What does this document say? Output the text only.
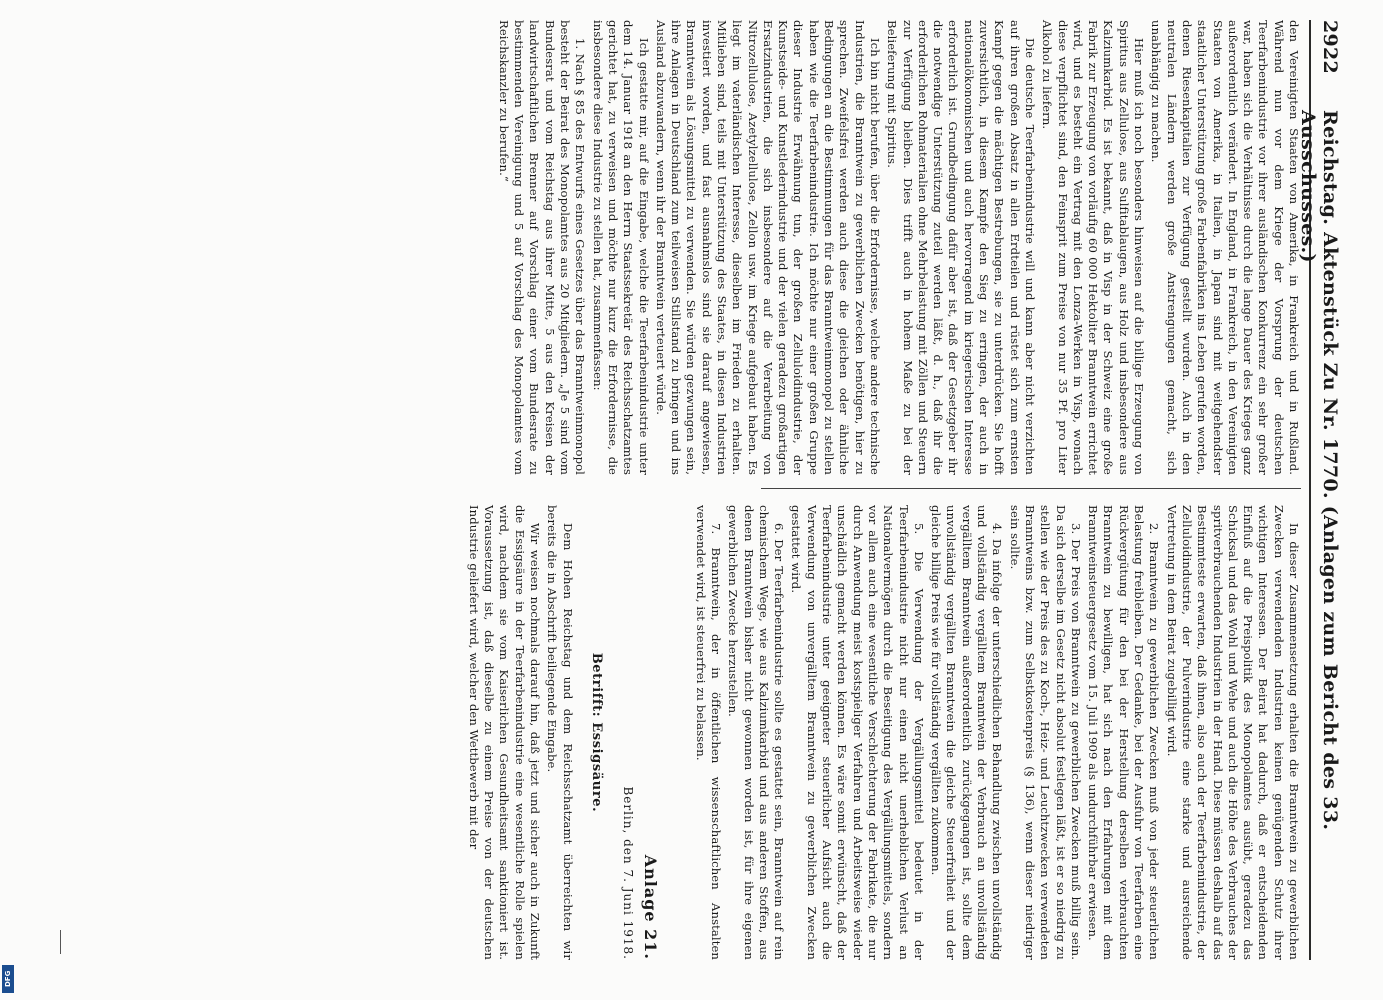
DFG
2922
Reichstag. Aktenstück Zu Nr. 1770. (Anlagen zum Bericht des 33. Ausschusses.)

den Vereinigten Staaten von Amerika, in Frankreich und in Rußland. Während nun vor dem Kriege der Vorsprung der deutschen Teerfarbenindustrie vor ihrer ausländischen Konkurrenz ein sehr großer war, haben sich die Verhältnisse durch die lange Dauer des Krieges ganz außerordentlich verändert. In England, in Frankreich, in den Vereinigten Staaten von Amerika, in Italien, in Japan sind mit weitgehendster staatlicher Unterstützung große Farbenfabriken ins Leben gerufen worden, denen Riesenkapitalien zur Verfügung gestellt wurden. Auch in den neutralen Ländern werden große Anstrengungen gemacht, sich unabhängig zu machen.

Hier muß ich noch besonders hinweisen auf die billige Erzeugung von Spiritus aus Zellulose, aus Sulfitablaugen, aus Holz und insbesondere aus Kalziumkarbid. Es ist bekannt, daß in Visp in der Schweiz eine große Fabrik zur Erzeugung von vorläufig 60 000 Hektoliter Branntwein errichtet wird, und es besteht ein Vertrag mit den Lonza-Werken in Visp, wonach diese verpflichtet sind, den Feinsprit zum Preise von nur 35 Pf. pro Liter Alkohol zu liefern.

Die deutsche Teerfarbenindustrie will und kann aber nicht verzichten auf ihren großen Absatz in allen Erdteilen und rüstet sich zum ernsten Kampf gegen die mächtigen Bestrebungen, sie zu unterdrücken. Sie hofft zuversichtlich, in diesem Kampfe den Sieg zu erringen, der auch in nationalökonomischen und auch hervorragend im kriegerischen Interesse erforderlich ist. Grundbedingung dafür aber ist, daß der Gesetzgeber ihr die notwendige Unterstützung zuteil werden läßt, d. h., daß ihr die erforderlichen Rohmaterialien ohne Mehrbelastung mit Zöllen und Steuern zur Verfügung bleiben. Dies trifft auch in hohem Maße zu bei der Belieferung mit Spiritus.

Ich bin nicht berufen, über die Erfordernisse, welche andere technische Industrien, die Branntwein zu gewerblichen Zwecken benötigen, hier zu sprechen. Zweifelsfrei werden auch diese die gleichen oder ähnliche Bedingungen an die Bestimmungen für das Branntweinmonopol zu stellen haben wie die Teerfarbenindustrie. Ich möchte nur einer großen Gruppe dieser Industrie Erwähnung tun, der großen Zelluloidindustrie, der Kunstseide- und Kunstlederindustrie und der vielen geradezu großartigen Ersatzindustrien, die sich insbesondere auf die Verarbeitung von Nitrozellulose, Azetylzellulose, Zellon usw. im Kriege aufgebaut haben. Es liegt im vaterländischen Interesse, dieselben im Frieden zu erhalten. Mitlieben sind, teils mit Unterstützung des Staates, in diesen Industrien investiert worden, und fast ausnahmslos sind sie darauf angewiesen, Branntwein als Lösungsmittel zu verwenden. Sie würden gezwungen sein, ihre Anlagen in Deutschland zum teilweisen Stillstand zu bringen und ins Ausland abzuwandern, wenn ihr der Branntwein verteuert würde.

Ich gestatte mir, auf die Eingabe, welche die Teerfarbenindustrie unter dem 14. Januar 1918 an den Herrn Staatssekretär des Reichsschatzamtes gerichtet hat, zu verweisen und möchte nur kurz die Erfordernisse, die insbesondere diese Industrie zu stellen hat, zusammenfassen:

1. Nach § 85 des Entwurfs eines Gesetzes über das Branntweinmonopol besteht der Beirat des Monopolamtes aus 20 Mitgliedern. „Je 5 sind vom Bundesrat und vom Reichstag aus ihrer Mitte, 5 aus den Kreisen der landwirtschaftlichen Brenner auf Vorschlag einer vom Bundesrate zu bestimmenden Vereinigung und 5 auf Vorschlag des Monopolamtes vom Reichskanzler zu berufen.“

In dieser Zusammensetzung erhalten die Branntwein zu gewerblichen Zwecken verwendenden Industrien keinen genügenden Schutz ihrer wichtigen Interessen. Der Beirat hat dadurch, daß er entscheidenden Einfluß auf die Preispolitik des Monopolamtes ausübt, geradezu das Schicksal und das Wohl und Wehe und auch die Höhe des Verbrauches der spritverbrauchenden Industrien in der Hand. Diese müssen deshalb auf das Bestimmteste erwarten, daß ihnen, also auch der Teerfarbenindustrie, der Zelluloidindustrie, der Pulverindustrie eine starke und ausreichende Vertretung in dem Beirat zugebilligt wird.

2. Branntwein zu gewerblichen Zwecken muß von jeder steuerlichen Belastung freibleiben. Der Gedanke, bei der Ausfuhr von Teerfarben eine Rückvergütung für den bei der Herstellung derselben verbrauchten Branntwein zu bewilligen, hat sich nach den Erfahrungen mit dem Branntweinsteuergesetz vom 15. Juli 1909 als undurchführbar erwiesen.

3. Der Preis von Branntwein zu gewerblichen Zwecken muß billig sein. Da sich derselbe im Gesetz nicht absolut festlegen läßt, ist er so niedrig zu stellen wie der Preis des zu Koch-, Heiz- und Leuchtzwecken verwendeten Branntweins bzw. zum Selbstkostenpreis (§ 136), wenn dieser niedriger sein sollte.

4. Da infolge der unterschiedlichen Behandlung zwischen unvollständig und vollständig vergälltem Branntwein der Verbrauch an unvollständig vergälltem Branntwein außerordentlich zurückgegangen ist, sollte dem unvollständig vergällten Branntwein die gleiche Steuerfreiheit und der gleiche billige Preis wie für vollständig vergällten zukommen.

5. Die Verwendung der Vergällungsmittel bedeutet in der Teerfarbenindustrie nicht nur einen nicht unerheblichen Verlust an Nationalvermögen durch die Beseitigung des Vergällungsmittels, sondern vor allem auch eine wesentliche Verschlechterung der Fabrikate, die nur durch Anwendung meist kostspieliger Verfahren und Arbeitsweise wieder unschädlich gemacht werden können. Es wäre somit erwünscht, daß der Teerfarbenindustrie unter geeigneter steuerlicher Aufsicht auch die Verwendung von unvergälltem Branntwein zu gewerblichen Zwecken gestattet wird.

6. Der Teerfarbenindustrie sollte es gestattet sein, Branntwein auf rein chemischem Wege, wie aus Kalziumkarbid und aus anderen Stoffen, aus denen Branntwein bisher nicht gewonnen worden ist, für ihre eigenen gewerblichen Zwecke herzustellen.

7. Branntwein, der in öffentlichen wissenschaftlichen Anstalten verwendet wird, ist steuerfrei zu belassen.

Anlage 21.
Berlin, den 7. Juni 1918.
Betrifft: Essigsäure.

Dem Hohen Reichstag und dem Reichsschatzamt überreichten wir bereits die in Abschrift beiliegende Eingabe.

Wir weisen nochmals darauf hin, daß jetzt und sicher auch in Zukunft die Essigsäure in der Teerfarbenindustrie eine wesentliche Rolle spielen wird, nachdem sie vom Kaiserlichen Gesundheitsamt sanktioniert ist. Voraussetzung ist, daß dieselbe zu einem Preise von der deutschen Industrie geliefert wird, welcher den Wettbewerb mit der
